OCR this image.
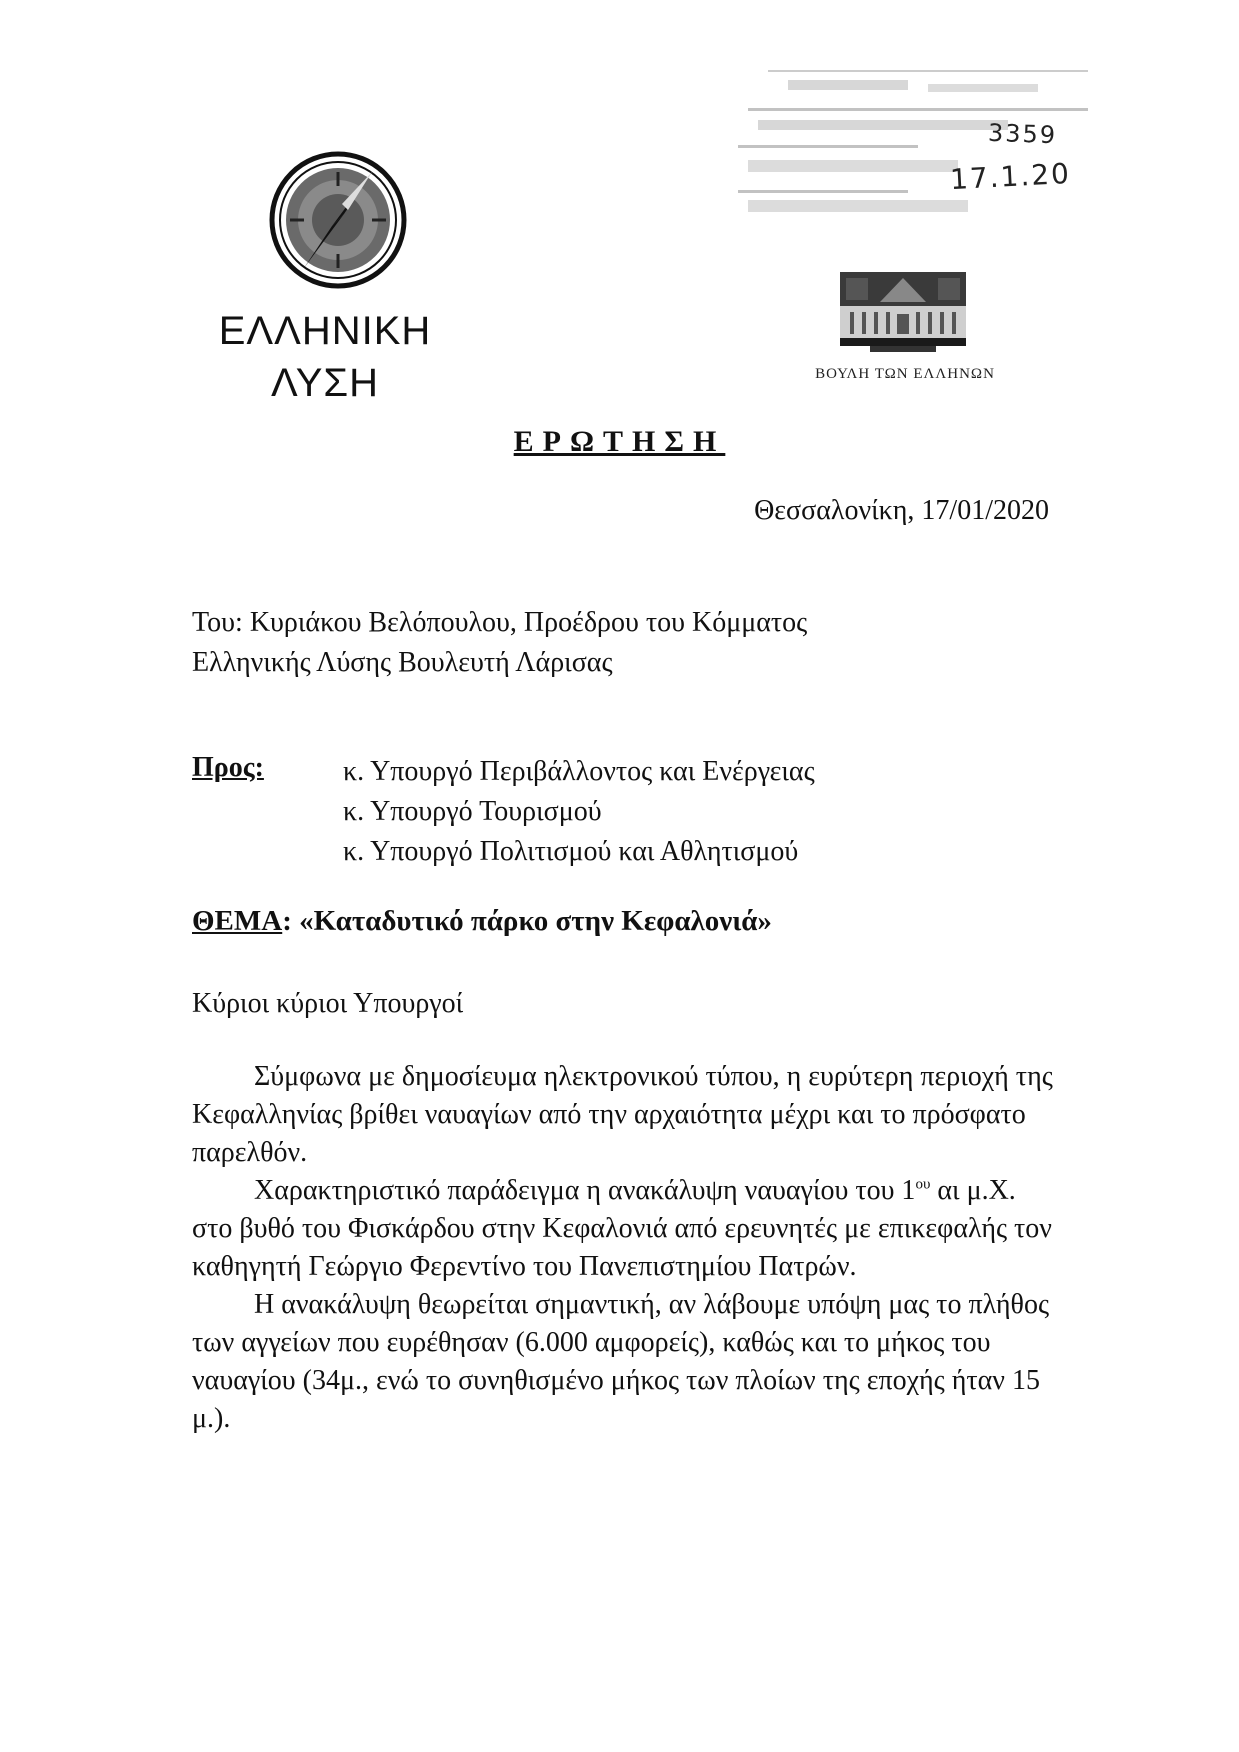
ΕΛΛΗΝΙΚΗ
ΛΥΣΗ
3359
17.1.20
ΒΟΥΛΗ ΤΩΝ ΕΛΛΗΝΩΝ
ΕΡΩΤΗΣΗ
Θεσσαλονίκη, 17/01/2020
Του: Κυριάκου Βελόπουλου, Προέδρου του Κόμματος
Ελληνικής Λύσης Βουλευτή Λάρισας
Προς:	κ. Υπουργό Περιβάλλοντος και Ενέργειας
κ. Υπουργό Τουρισμού
κ. Υπουργό Πολιτισμού και Αθλητισμού
ΘΕΜΑ: «Καταδυτικό πάρκο στην Κεφαλονιά»
Κύριοι κύριοι Υπουργοί

Σύμφωνα με δημοσίευμα ηλεκτρονικού τύπου, η ευρύτερη περιοχή της Κεφαλληνίας βρίθει ναυαγίων από την αρχαιότητα μέχρι και το πρόσφατο παρελθόν.

Χαρακτηριστικό παράδειγμα η ανακάλυψη ναυαγίου του $1^{o\upsilon}$ αι μ.Χ. στο βυθό του Φισκάρδου στην Κεφαλονιά από ερευνητές με επικεφαλής τον καθηγητή Γεώργιο Φερεντίνο του Πανεπιστημίου Πατρών.

Η ανακάλυψη θεωρείται σημαντική, αν λάβουμε υπόψη μας το πλήθος των αγγείων που ευρέθησαν (6.000 αμφορείς), καθώς και το μήκος του ναυαγίου (34μ., ενώ το συνηθισμένο μήκος των πλοίων της εποχής ήταν 15 μ.).
